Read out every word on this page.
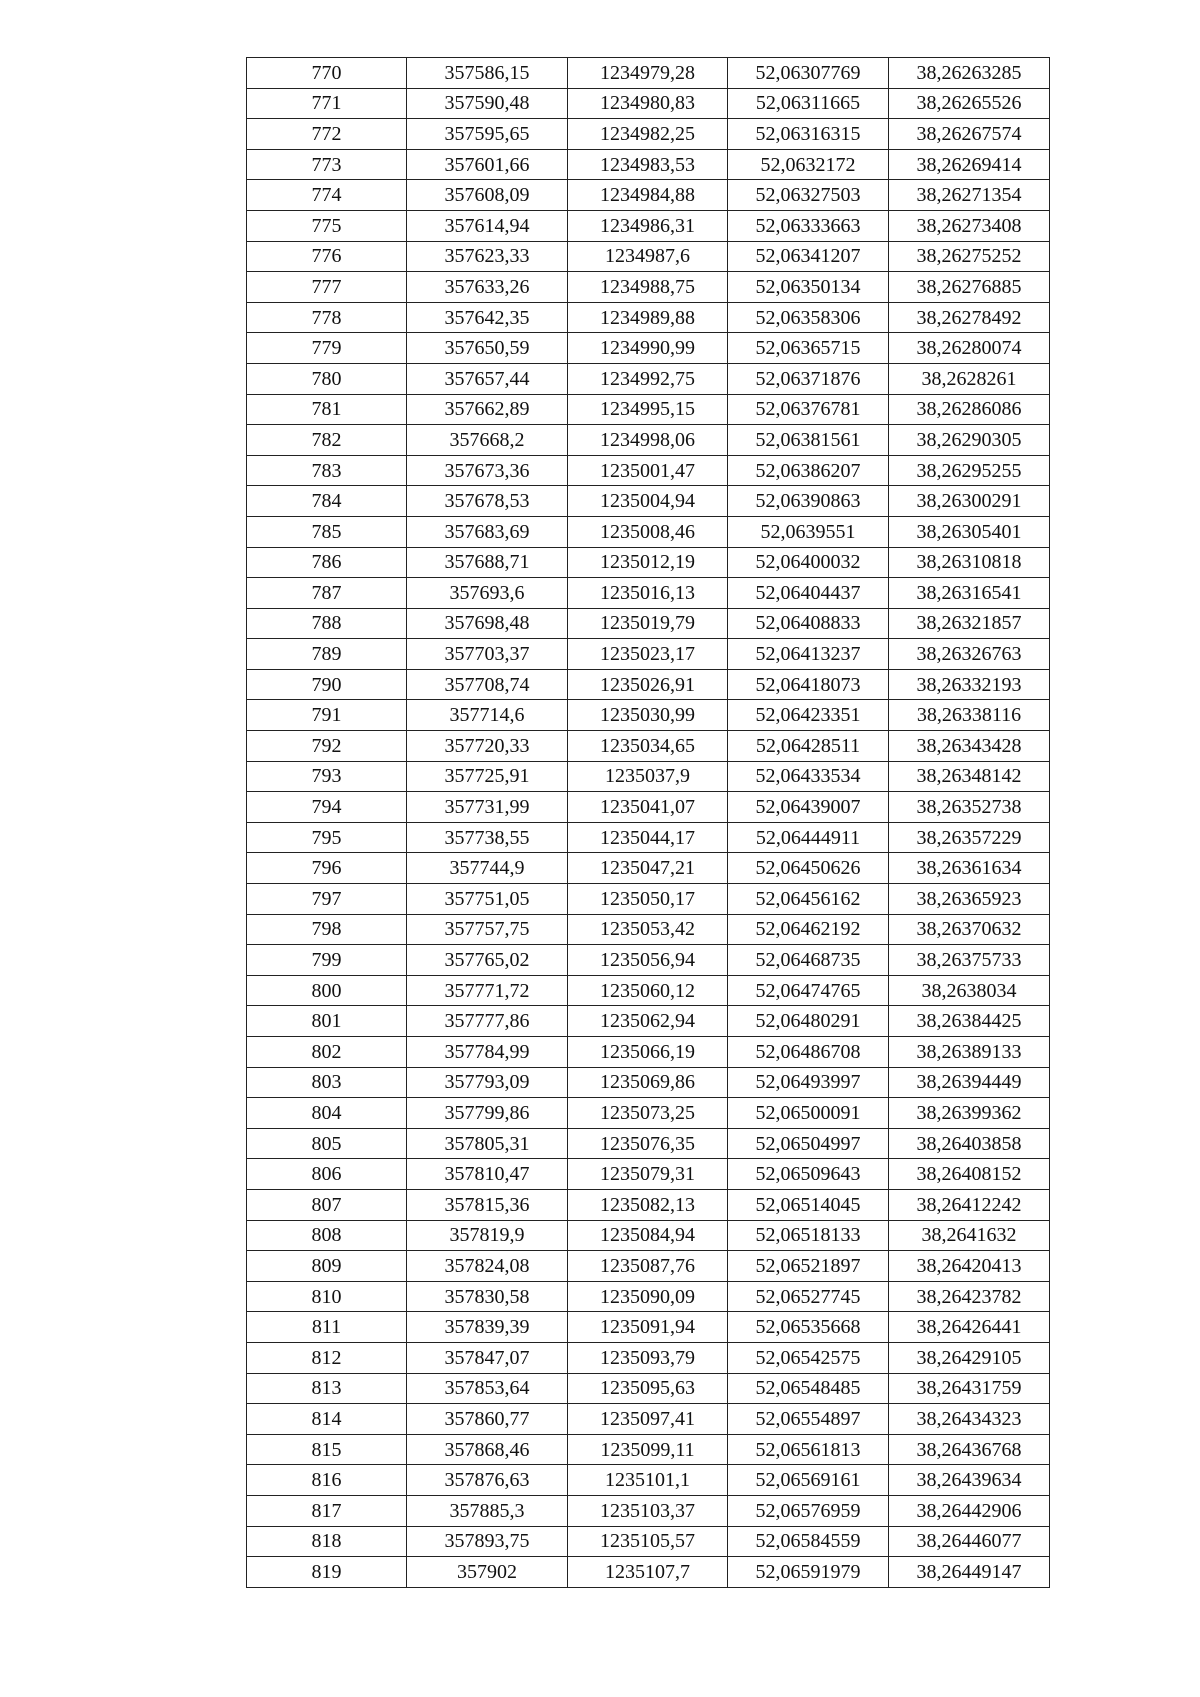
770	357586,15	1234979,28	52,06307769	38,26263285
771	357590,48	1234980,83	52,06311665	38,26265526
772	357595,65	1234982,25	52,06316315	38,26267574
773	357601,66	1234983,53	52,0632172	38,26269414
774	357608,09	1234984,88	52,06327503	38,26271354
775	357614,94	1234986,31	52,06333663	38,26273408
776	357623,33	1234987,6	52,06341207	38,26275252
777	357633,26	1234988,75	52,06350134	38,26276885
778	357642,35	1234989,88	52,06358306	38,26278492
779	357650,59	1234990,99	52,06365715	38,26280074
780	357657,44	1234992,75	52,06371876	38,2628261
781	357662,89	1234995,15	52,06376781	38,26286086
782	357668,2	1234998,06	52,06381561	38,26290305
783	357673,36	1235001,47	52,06386207	38,26295255
784	357678,53	1235004,94	52,06390863	38,26300291
785	357683,69	1235008,46	52,0639551	38,26305401
786	357688,71	1235012,19	52,06400032	38,26310818
787	357693,6	1235016,13	52,06404437	38,26316541
788	357698,48	1235019,79	52,06408833	38,26321857
789	357703,37	1235023,17	52,06413237	38,26326763
790	357708,74	1235026,91	52,06418073	38,26332193
791	357714,6	1235030,99	52,06423351	38,26338116
792	357720,33	1235034,65	52,06428511	38,26343428
793	357725,91	1235037,9	52,06433534	38,26348142
794	357731,99	1235041,07	52,06439007	38,26352738
795	357738,55	1235044,17	52,06444911	38,26357229
796	357744,9	1235047,21	52,06450626	38,26361634
797	357751,05	1235050,17	52,06456162	38,26365923
798	357757,75	1235053,42	52,06462192	38,26370632
799	357765,02	1235056,94	52,06468735	38,26375733
800	357771,72	1235060,12	52,06474765	38,2638034
801	357777,86	1235062,94	52,06480291	38,26384425
802	357784,99	1235066,19	52,06486708	38,26389133
803	357793,09	1235069,86	52,06493997	38,26394449
804	357799,86	1235073,25	52,06500091	38,26399362
805	357805,31	1235076,35	52,06504997	38,26403858
806	357810,47	1235079,31	52,06509643	38,26408152
807	357815,36	1235082,13	52,06514045	38,26412242
808	357819,9	1235084,94	52,06518133	38,2641632
809	357824,08	1235087,76	52,06521897	38,26420413
810	357830,58	1235090,09	52,06527745	38,26423782
811	357839,39	1235091,94	52,06535668	38,26426441
812	357847,07	1235093,79	52,06542575	38,26429105
813	357853,64	1235095,63	52,06548485	38,26431759
814	357860,77	1235097,41	52,06554897	38,26434323
815	357868,46	1235099,11	52,06561813	38,26436768
816	357876,63	1235101,1	52,06569161	38,26439634
817	357885,3	1235103,37	52,06576959	38,26442906
818	357893,75	1235105,57	52,06584559	38,26446077
819	357902	1235107,7	52,06591979	38,26449147
